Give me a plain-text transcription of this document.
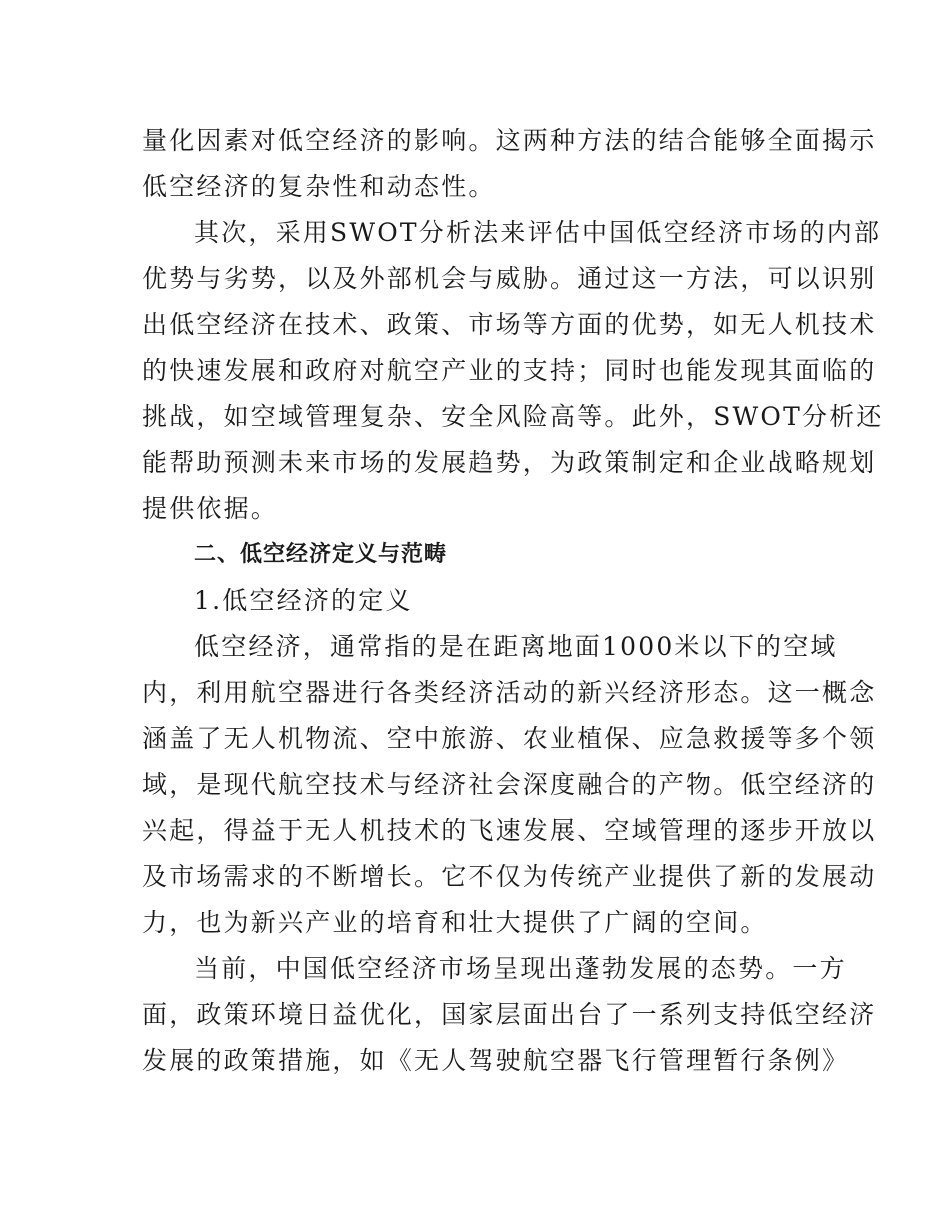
量化因素对低空经济的影响。这两种方法的结合能够全面揭示
低空经济的复杂性和动态性。
其次，采用SWOT分析法来评估中国低空经济市场的内部
优势与劣势，以及外部机会与威胁。通过这一方法，可以识别
出低空经济在技术、政策、市场等方面的优势，如无人机技术
的快速发展和政府对航空产业的支持；同时也能发现其面临的
挑战，如空域管理复杂、安全风险高等。此外，SWOT分析还
能帮助预测未来市场的发展趋势，为政策制定和企业战略规划
提供依据。
二、低空经济定义与范畴
1.低空经济的定义
低空经济，通常指的是在距离地面1000米以下的空域
内，利用航空器进行各类经济活动的新兴经济形态。这一概念
涵盖了无人机物流、空中旅游、农业植保、应急救援等多个领
域，是现代航空技术与经济社会深度融合的产物。低空经济的
兴起，得益于无人机技术的飞速发展、空域管理的逐步开放以
及市场需求的不断增长。它不仅为传统产业提供了新的发展动
力，也为新兴产业的培育和壮大提供了广阔的空间。
当前，中国低空经济市场呈现出蓬勃发展的态势。一方
面，政策环境日益优化，国家层面出台了一系列支持低空经济
发展的政策措施，如《无人驾驶航空器飞行管理暂行条例》
